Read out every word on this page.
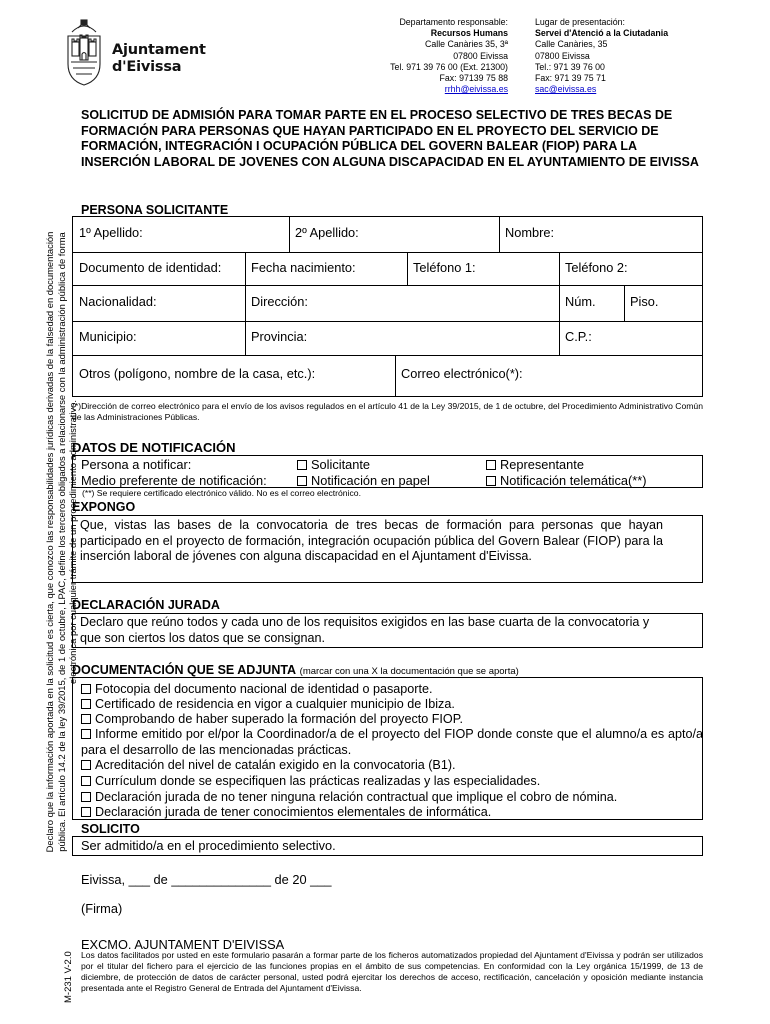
Ajuntament
d'Eivissa
Departamento responsable:
Recursos Humans
Calle Canàries 35, 3ª
07800 Eivissa
Tel. 971 39 76 00 (Ext. 21300)
Fax: 97139 75 88
rrhh@eivissa.es
Lugar de presentación:
Servei d'Atenció a la Ciutadania
Calle Canàries, 35
07800 Eivissa
Tel.: 971 39 76 00
Fax: 971 39 75 71
sac@eivissa.es
SOLICITUD DE ADMISIÓN PARA TOMAR PARTE EN EL PROCESO SELECTIVO DE TRES BECAS DE FORMACIÓN PARA PERSONAS QUE HAYAN PARTICIPADO EN EL PROYECTO DEL SERVICIO DE FORMACIÓN, INTEGRACIÓN I OCUPACIÓN PÚBLICA DEL GOVERN BALEAR (FIOP) PARA LA INSERCIÓN LABORAL DE JOVENES CON ALGUNA DISCAPACIDAD EN EL AYUNTAMIENTO DE EIVISSA
Declaro que la información aportada en la solicitud es cierta, que conozco las responsabilidades jurídicas derivadas de la falsedad en documentación pública. El artículo 14.2 de la ley 39/2015, de 1 de octubre, LPAC, define los terceros obligados a relacionarse con la administración pública de forma electrónica por cualquier trámite de un procedimiento administrativo.
M-231 V-2.0
PERSONA SOLICITANTE
1º Apellido:	2º Apellido:	Nombre:
Documento de identidad: Fecha nacimiento:	Teléfono 1:	Teléfono 2:
Nacionalidad:	Dirección:	Núm.	Piso.
Municipio:	Provincia:	C.P.:
Otros (polígono, nombre de la casa, etc.):	Correo electrónico(*):
(*)Dirección de correo electrónico para el envío de los avisos regulados en el artículo 41 de la Ley 39/2015, de 1 de octubre, del Procedimiento Administrativo Común de las Administraciones Públicas.
DATOS DE NOTIFICACIÓN
Persona a notificar:	Solicitante	Representante
Medio preferente de notificación:	Notificación en papel	Notificación telemática(**)
(**) Se requiere certificado electrónico válido. No es el correo electrónico.
EXPONGO
Que, vistas las bases de la convocatoria de tres becas de formación para personas que hayan participado en el proyecto de formación, integración ocupación pública del Govern Balear (FIOP) para la inserción laboral de jóvenes con alguna discapacidad en el Ajuntament d'Eivissa.
DECLARACIÓN JURADA
Declaro que reúno todos y cada uno de los requisitos exigidos en las base cuarta de la convocatoria y que son ciertos los datos que se consignan.
DOCUMENTACIÓN QUE SE ADJUNTA (marcar con una X la documentación que se aporta)
Fotocopia del documento nacional de identidad o pasaporte.
Certificado de residencia en vigor a cualquier municipio de Ibiza.
Comprobando de haber superado la formación del proyecto FIOP.
Informe emitido por el/por la Coordinador/a de el proyecto del FIOP donde conste que el alumno/a es apto/a para el desarrollo de las mencionadas prácticas.
Acreditación del nivel de catalán exigido en la convocatoria (B1).
Currículum donde se especifiquen las prácticas realizadas y las especialidades.
Declaración jurada de no tener ninguna relación contractual que implique el cobro de nómina.
Declaración jurada de tener conocimientos elementales de informática.
SOLICITO
Ser admitido/a en el procedimiento selectivo.
Eivissa, ___ de ______________ de 20 ___
(Firma)
EXCMO. AJUNTAMENT D'EIVISSA
Los datos facilitados por usted en este formulario pasarán a formar parte de los ficheros automatizados propiedad del Ajuntament d'Eivissa y podrán ser utilizados por el titular del fichero para el ejercicio de las funciones propias en el ámbito de sus competencias. En conformidad con la Ley orgánica 15/1999, de 13 de diciembre, de protección de datos de carácter personal, usted podrá ejercitar los derechos de acceso, rectificación, cancelación y oposición mediante instancia presentada ante el Registro General de Entrada del Ajuntament d'Eivissa.
